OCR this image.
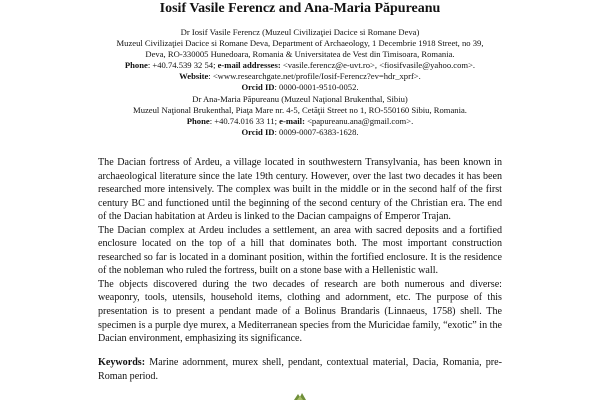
Iosif Vasile Ferencz and Ana-Maria Păpureanu
Dr Iosif Vasile Ferencz (Muzeul Civilizaţiei Dacice si Romane Deva)
Muzeul Civilizaţiei Dacice si Romane Deva, Department of Archaeology, 1 Decembrie 1918 Street, no 39,
Deva, RO-330005 Hunedoara, Romania & Universitatea de Vest din Timisoara, Romania.
Phone: +40.74.539 32 54; e-mail addresses: <vasile.ferencz@e-uvt.ro>, <fiosifvasile@yahoo.com>.
Website: <www.researchgate.net/profile/Iosif-Ferencz?ev=hdr_xprf>.
Orcid ID: 0000-0001-9510-0052.
Dr Ana-Maria Păpureanu (Muzeul Naţional Brukenthal, Sibiu)
Muzeul Naţional Brukenthal, Piaţa Mare nr. 4-5, Cetăţii Street no 1, RO-550160 Sibiu, Romania.
Phone: +40.74.016 33 11; e-mail: <papureanu.ana@gmail.com>.
Orcid ID: 0009-0007-6383-1628.

The Dacian fortress of Ardeu, a village located in southwestern Transylvania, has been known in archaeological literature since the late 19th century. However, over the last two decades it has been researched more intensively. The complex was built in the middle or in the second half of the first century BC and functioned until the beginning of the second century of the Christian era. The end of the Dacian habitation at Ardeu is linked to the Dacian campaigns of Emperor Trajan.

The Dacian complex at Ardeu includes a settlement, an area with sacred deposits and a fortified enclosure located on the top of a hill that dominates both. The most important construction researched so far is located in a dominant position, within the fortified enclosure. It is the residence of the nobleman who ruled the fortress, built on a stone base with a Hellenistic wall.

The objects discovered during the two decades of research are both numerous and diverse: weaponry, tools, utensils, household items, clothing and adornment, etc. The purpose of this presentation is to present a pendant made of a Bolinus Brandaris (Linnaeus, 1758) shell. The specimen is a purple dye murex, a Mediterranean species from the Muricidae family, “exotic” in the Dacian environment, emphasizing its significance.

Keywords: Marine adornment, murex shell, pendant, contextual material, Dacia, Romania, pre-Roman period.
